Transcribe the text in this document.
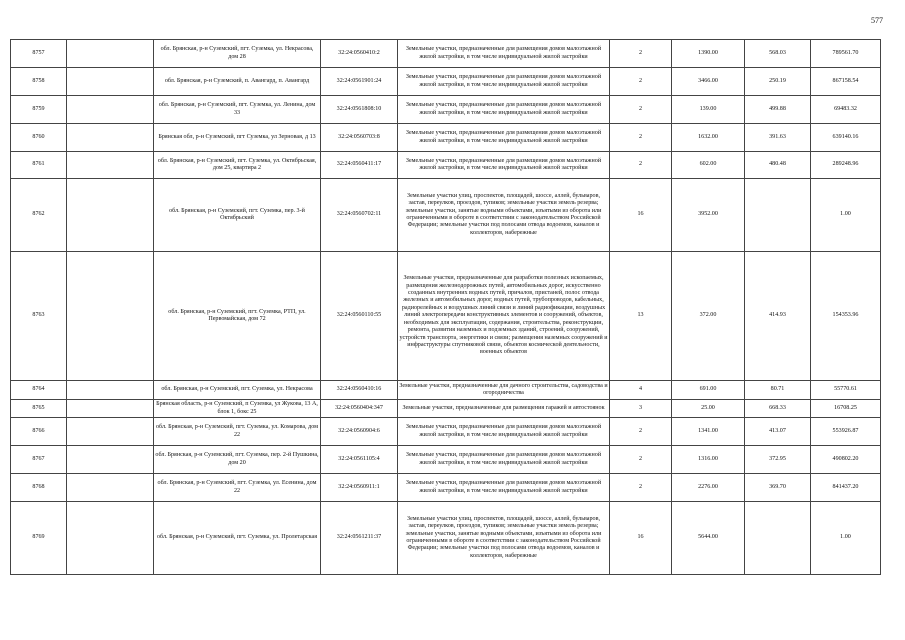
577
8757		обл. Брянская, р-н Суземский, пгт. Суземка, ул. Некрасова, дом 28	32:24:0560410:2	Земельные участки, предназначенные для размещения домов малоэтажной жилой застройки, в том числе индивидуальной жилой застройки	2	1390.00	568.03	789561.70
8758		обл. Брянская, р-н Суземский, п. Авангард, п. Авангард	32:24:0561901:24	Земельные участки, предназначенные для размещения домов малоэтажной жилой застройки, в том числе индивидуальной жилой застройки	2	3466.00	250.19	867158.54
8759		обл. Брянская, р-н Суземский, пгт. Суземка, ул. Ленина, дом 33	32:24:0561808:10	Земельные участки, предназначенные для размещения домов малоэтажной жилой застройки, в том числе индивидуальной жилой застройки	2	139.00	499.88	69483.32
8760		Брянская обл, р-н Суземский, пгт Суземка, ул Зерновая, д 13	32:24:0560703:8	Земельные участки, предназначенные для размещения домов малоэтажной жилой застройки, в том числе индивидуальной жилой застройки	2	1632.00	391.63	639140.16
8761		обл. Брянская, р-н Суземский, пгт. Суземка, ул. Октябрьская, дом 25, квартира 2	32:24:0560411:17	Земельные участки, предназначенные для размещения домов малоэтажной жилой застройки, в том числе индивидуальной жилой застройки	2	602.00	480.48	289248.96
8762		обл. Брянская, р-н Суземский, пгт. Суземка, пер. 3-й Октябрьский	32:24:0560702:11	Земельные участки улиц, проспектов, площадей, шоссе, аллей, бульваров, застав, переулков, проездов, тупиков; земельные участки земель резерва; земельные участки, занятые водными объектами, изъятыми из оборота или ограниченными в обороте в соответствии с законодательством Российской Федерации; земельные участки под полосами отвода водоемов, каналов и коллекторов, набережные	16	3952.00		1.00
8763		обл. Брянская, р-н Суземский, пгт. Суземка, РТП, ул. Первомайская, дом 72	32:24:0560110:55	Земельные участки, предназначенные для разработки полезных ископаемых, размещения железнодорожных путей, автомобильных дорог, искусственно созданных внутренних водных путей, причалов, пристаней, полос отвода железных и автомобильных дорог, водных путей, трубопроводов, кабельных, радиорелейных и воздушных линий связи и линий радиофикации, воздушных линий электропередачи конструктивных элементов и сооружений, объектов, необходимых для эксплуатации, содержания, строительства, реконструкции, ремонта, развития наземных и подземных зданий, строений, сооружений, устройств транспорта, энергетики и связи; размещения наземных сооружений и инфраструктуры спутниковой связи, объектов космической деятельности, военных объектов	13	372.00	414.93	154353.96
8764		обл. Брянская, р-н Суземский, пгт. Суземка, ул. Некрасова	32:24:0560410:16	Земельные участки, предназначенные для дачного строительства, садоводства и огородничества	4	691.00	80.71	55770.61
8765		Брянская область, р-н Суземский, п Суземка, ул Жукова, 13 А, блок 1, бокс 25	32:24:0560404:347	Земельные участки, предназначенные для размещения гаражей и автостоянок	3	25.00	668.33	16708.25
8766		обл. Брянская, р-н Суземский, пгт. Суземка, ул. Комарова, дом 22	32:24:0560904:6	Земельные участки, предназначенные для размещения домов малоэтажной жилой застройки, в том числе индивидуальной жилой застройки	2	1341.00	413.07	553926.87
8767		обл. Брянская, р-н Суземский, пгт. Суземка, пер. 2-й Пушкина, дом 20	32:24:0561105:4	Земельные участки, предназначенные для размещения домов малоэтажной жилой застройки, в том числе индивидуальной жилой застройки	2	1316.00	372.95	490802.20
8768		обл. Брянская, р-н Суземский, пгт. Суземка, ул. Есенина, дом 22	32:24:0560911:1	Земельные участки, предназначенные для размещения домов малоэтажной жилой застройки, в том числе индивидуальной жилой застройки	2	2276.00	369.70	841437.20
8769		обл. Брянская, р-н Суземский, пгт. Суземка, ул. Пролетарская	32:24:0561211:37	Земельные участки улиц, проспектов, площадей, шоссе, аллей, бульваров, застав, переулков, проездов, тупиков; земельные участки земель резерва; земельные участки, занятые водными объектами, изъятыми из оборота или ограниченными в обороте в соответствии с законодательством Российской Федерации; земельные участки под полосами отвода водоемов, каналов и коллекторов, набережные	16	5644.00		1.00
